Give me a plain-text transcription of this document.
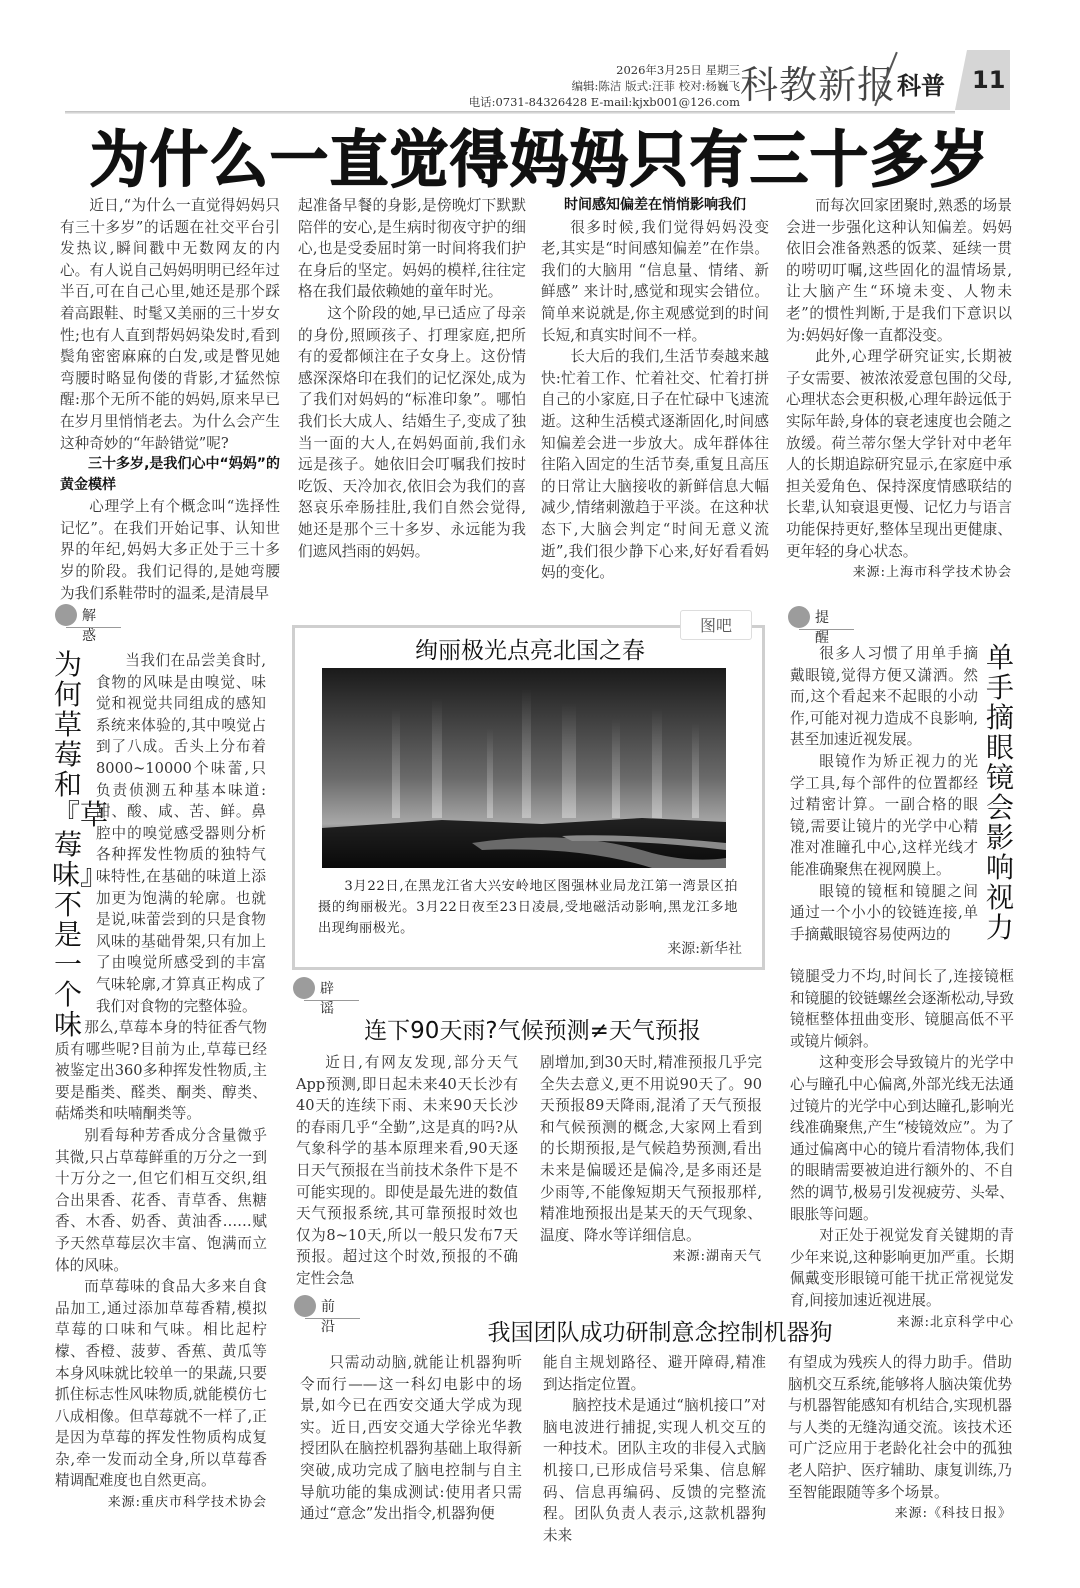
2026年3月25日 星期三
编辑:陈洁 版式:汪菲 校对:杨巍飞
电话:0731-84326428 E-mail:kjxb001@126.com 科教新报 科普 11
为什么一直觉得妈妈只有三十多岁

近日,“为什么一直觉得妈妈只有三十多岁”的话题在社交平台引发热议,瞬间戳中无数网友的内心。有人说自己妈妈明明已经年过半百,可在自己心里,她还是那个踩着高跟鞋、时髦又美丽的三十岁女性;也有人直到帮妈妈染发时,看到鬓角密密麻麻的白发,或是瞥见她弯腰时略显佝偻的背影,才猛然惊醒:那个无所不能的妈妈,原来早已在岁月里悄悄老去。为什么会产生这种奇妙的“年龄错觉”呢?

三十多岁,是我们心中“妈妈”的黄金模样

心理学上有个概念叫“选择性记忆”。在我们开始记事、认知世界的年纪,妈妈大多正处于三十多岁的阶段。我们记得的,是她弯腰为我们系鞋带时的温柔,是清晨早

起准备早餐的身影,是傍晚灯下默默陪伴的安心,是生病时彻夜守护的细心,也是受委屈时第一时间将我们护在身后的坚定。妈妈的模样,往往定格在我们最依赖她的童年时光。

这个阶段的她,早已适应了母亲的身份,照顾孩子、打理家庭,把所有的爱都倾注在子女身上。这份情感深深烙印在我们的记忆深处,成为了我们对妈妈的“标准印象”。哪怕我们长大成人、结婚生子,变成了独当一面的大人,在妈妈面前,我们永远是孩子。她依旧会叮嘱我们按时吃饭、天冷加衣,依旧会为我们的喜怒哀乐牵肠挂肚,我们自然会觉得,她还是那个三十多岁、永远能为我们遮风挡雨的妈妈。

时间感知偏差在悄悄影响我们

很多时候,我们觉得妈妈没变老,其实是“时间感知偏差”在作祟。我们的大脑用 “信息量、情绪、新鲜感” 来计时,感觉和现实会错位。简单来说就是,你主观感觉到的时间长短,和真实时间不一样。

长大后的我们,生活节奏越来越快:忙着工作、忙着社交、忙着打拼自己的小家庭,日子在忙碌中飞速流逝。这种生活模式逐渐固化,时间感知偏差会进一步放大。成年群体往往陷入固定的生活节奏,重复且高压的日常让大脑接收的新鲜信息大幅减少,情绪刺激趋于平淡。在这种状态下,大脑会判定“时间无意义流逝”,我们很少静下心来,好好看看妈妈的变化。

而每次回家团聚时,熟悉的场景会进一步强化这种认知偏差。妈妈依旧会准备熟悉的饭菜、延续一贯的唠叨叮嘱,这些固化的温情场景,让大脑产生“环境未变、人物未老”的惯性判断,于是我们下意识以为:妈妈好像一直都没变。

此外,心理学研究证实,长期被子女需要、被浓浓爱意包围的父母,心理状态会更积极,心理年龄远低于实际年龄,身体的衰老速度也会随之放缓。荷兰蒂尔堡大学针对中老年人的长期追踪研究显示,在家庭中承担关爱角色、保持深度情感联结的长辈,认知衰退更慢、记忆力与语言功能保持更好,整体呈现出更健康、更年轻的身心状态。

来源:上海市科学技术协会

解惑
为何草莓和『草莓味』不是一个味

当我们在品尝美食时,食物的风味是由嗅觉、味觉和视觉共同组成的感知系统来体验的,其中嗅觉占到了八成。舌头上分布着8000~10000个味蕾,只负责侦测五种基本味道:甜、酸、咸、苦、鲜。鼻腔中的嗅觉感受器则分析各种挥发性物质的独特气味特性,在基础的味道上添加更为饱满的轮廓。也就是说,味蕾尝到的只是食物风味的基础骨架,只有加上了由嗅觉所感受到的丰富气味轮廓,才算真正构成了我们对食物的完整体验。

那么,草莓本身的特征香气物质有哪些呢?目前为止,草莓已经被鉴定出360多种挥发性物质,主要是酯类、醛类、酮类、醇类、萜烯类和呋喃酮类等。

别看每种芳香成分含量微乎其微,只占草莓鲜重的万分之一到十万分之一,但它们相互交织,组合出果香、花香、青草香、焦糖香、木香、奶香、黄油香……赋予天然草莓层次丰富、饱满而立体的风味。

而草莓味的食品大多来自食品加工,通过添加草莓香精,模拟草莓的口味和气味。相比起柠檬、香橙、菠萝、香蕉、黄瓜等本身风味就比较单一的果蔬,只要抓住标志性风味物质,就能模仿七八成相像。但草莓就不一样了,正是因为草莓的挥发性物质构成复杂,牵一发而动全身,所以草莓香精调配难度也自然更高。

来源:重庆市科学技术协会

图吧
绚丽极光点亮北国之春

3月22日,在黑龙江省大兴安岭地区图强林业局龙江第一湾景区拍摄的绚丽极光。3月22日夜至23日凌晨,受地磁活动影响,黑龙江多地出现绚丽极光。

来源:新华社
辟谣
连下90天雨?气候预测≠天气预报

近日,有网友发现,部分天气App预测,即日起未来40天长沙有40天的连续下雨、未来90天长沙的春雨几乎“全勤”,这是真的吗?从气象科学的基本原理来看,90天逐日天气预报在当前技术条件下是不可能实现的。即使是最先进的数值天气预报系统,其可靠预报时效也仅为8~10天,所以一般只发布7天预报。超过这个时效,预报的不确定性会急

剧增加,到30天时,精准预报几乎完全失去意义,更不用说90天了。90天预报89天降雨,混淆了天气预报和气候预测的概念,大家网上看到的长期预报,是气候趋势预测,看出未来是偏暖还是偏冷,是多雨还是少雨等,不能像短期天气预报那样,精准地预报出是某天的天气现象、温度、降水等详细信息。

来源:湖南天气

提醒
单手摘眼镜会影响视力

很多人习惯了用单手摘戴眼镜,觉得方便又潇洒。然而,这个看起来不起眼的小动作,可能对视力造成不良影响,甚至加速近视发展。

眼镜作为矫正视力的光学工具,每个部件的位置都经过精密计算。一副合格的眼镜,需要让镜片的光学中心精准对准瞳孔中心,这样光线才能准确聚焦在视网膜上。

眼镜的镜框和镜腿之间通过一个小小的铰链连接,单手摘戴眼镜容易使两边的

镜腿受力不均,时间长了,连接镜框和镜腿的铰链螺丝会逐渐松动,导致镜框整体扭曲变形、镜腿高低不平或镜片倾斜。

这种变形会导致镜片的光学中心与瞳孔中心偏离,外部光线无法通过镜片的光学中心到达瞳孔,影响光线准确聚焦,产生“棱镜效应”。为了通过偏离中心的镜片看清物体,我们的眼睛需要被迫进行额外的、不自然的调节,极易引发视疲劳、头晕、眼胀等问题。

对正处于视觉发育关键期的青少年来说,这种影响更加严重。长期佩戴变形眼镜可能干扰正常视觉发育,间接加速近视进展。

来源:北京科学中心

前沿	我国团队成功研制意念控制机器狗

只需动动脑,就能让机器狗听令而行——这一科幻电影中的场景,如今已在西安交通大学成为现实。近日,西安交通大学徐光华教授团队在脑控机器狗基础上取得新突破,成功完成了脑电控制与自主导航功能的集成测试:使用者只需通过“意念”发出指令,机器狗便

能自主规划路径、避开障碍,精准到达指定位置。

脑控技术是通过“脑机接口”对脑电波进行捕捉,实现人机交互的一种技术。团队主攻的非侵入式脑机接口,已形成信号采集、信息解码、信息再编码、反馈的完整流程。团队负责人表示,这款机器狗未来

有望成为残疾人的得力助手。借助脑机交互系统,能够将人脑决策优势与机器智能感知有机结合,实现机器与人类的无缝沟通交流。该技术还可广泛应用于老龄化社会中的孤独老人陪护、医疗辅助、康复训练,乃至智能跟随等多个场景。

来源:《科技日报》
